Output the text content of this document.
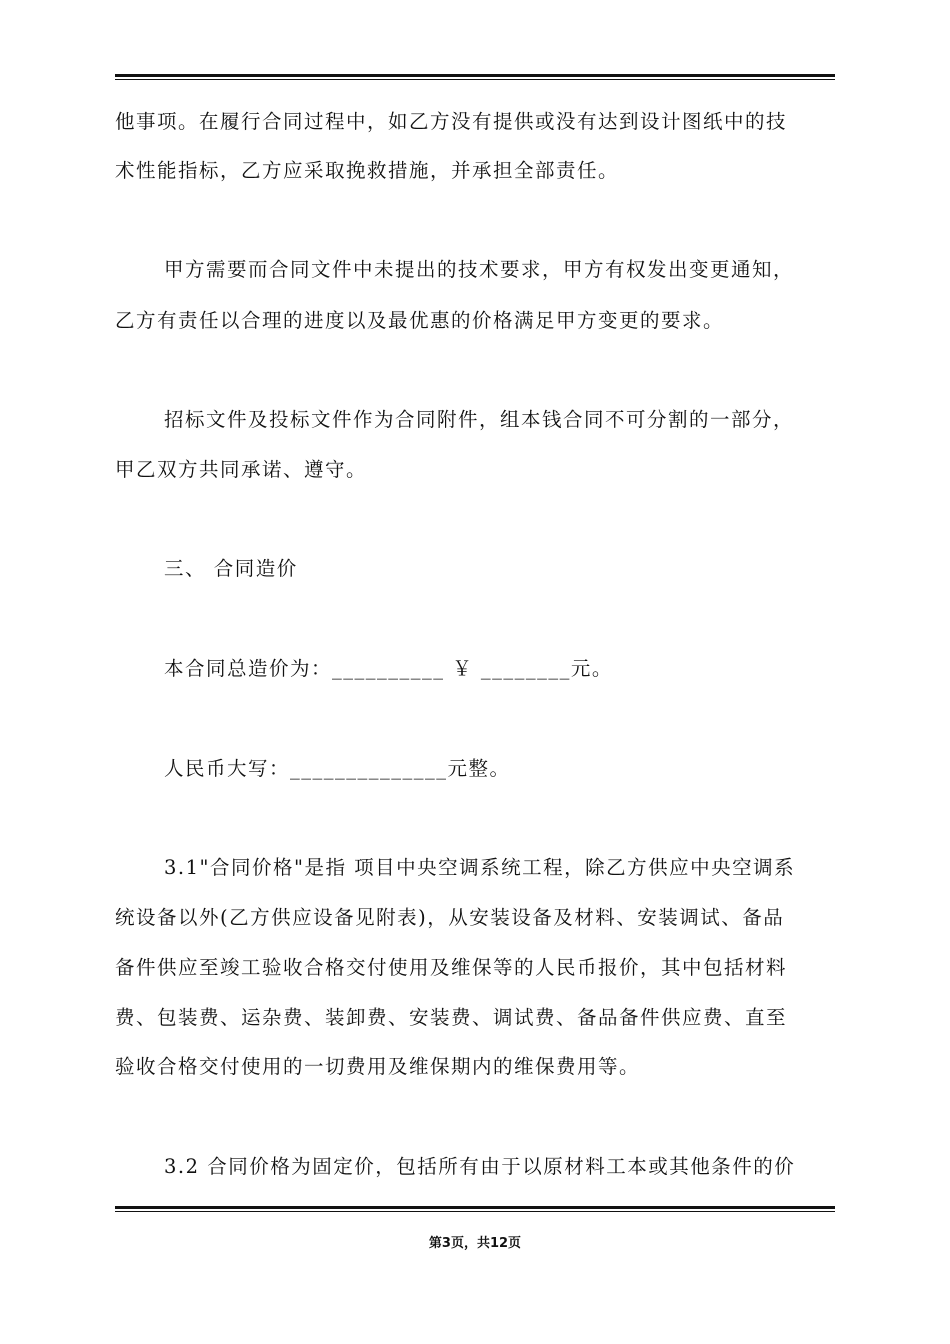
他事项。在履行合同过程中，如乙方没有提供或没有达到设计图纸中的技
术性能指标，乙方应采取挽救措施，并承担全部责任。
甲方需要而合同文件中未提出的技术要求，甲方有权发出变更通知，
乙方有责任以合理的进度以及最优惠的价格满足甲方变更的要求。
招标文件及投标文件作为合同附件，组本钱合同不可分割的一部分，
甲乙双方共同承诺、遵守。
三、 合同造价
本合同总造价为：__________ ￥ ________元。
人民币大写：______________元整。
3.1"合同价格"是指 项目中央空调系统工程，除乙方供应中央空调系
统设备以外(乙方供应设备见附表)，从安装设备及材料、安装调试、备品
备件供应至竣工验收合格交付使用及维保等的人民币报价，其中包括材料
费、包装费、运杂费、装卸费、安装费、调试费、备品备件供应费、直至
验收合格交付使用的一切费用及维保期内的维保费用等。
3.2 合同价格为固定价，包括所有由于以原材料工本或其他条件的价
第3页，共12页
